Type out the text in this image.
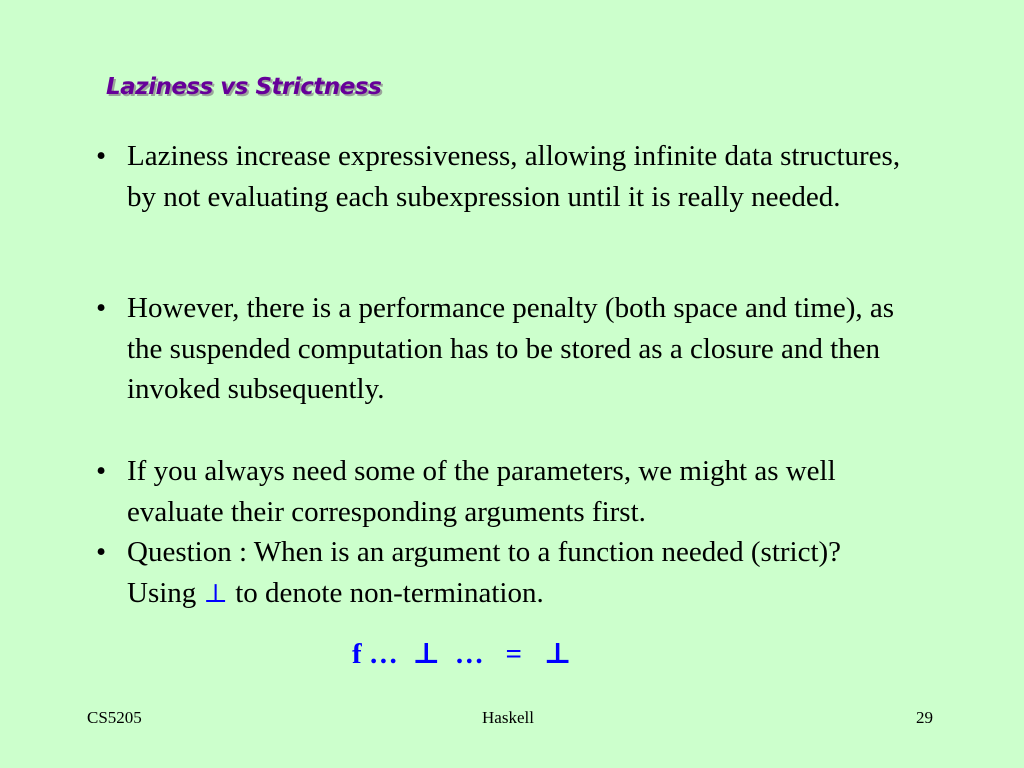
Laziness vs Strictness
• Laziness increase expressiveness, allowing infinite data structures, by not evaluating each subexpression until it is really needed.
• However, there is a performance penalty (both space and time), as the suspended computation has to be stored as a closure and then invoked subsequently.
• If you always need some of the parameters, we might as well evaluate their corresponding arguments first.
• Question : When is an argument to a function needed (strict)? Using ⊥ to denote non-termination.
f … ⊥ … = ⊥
CS5205	Haskell	29
